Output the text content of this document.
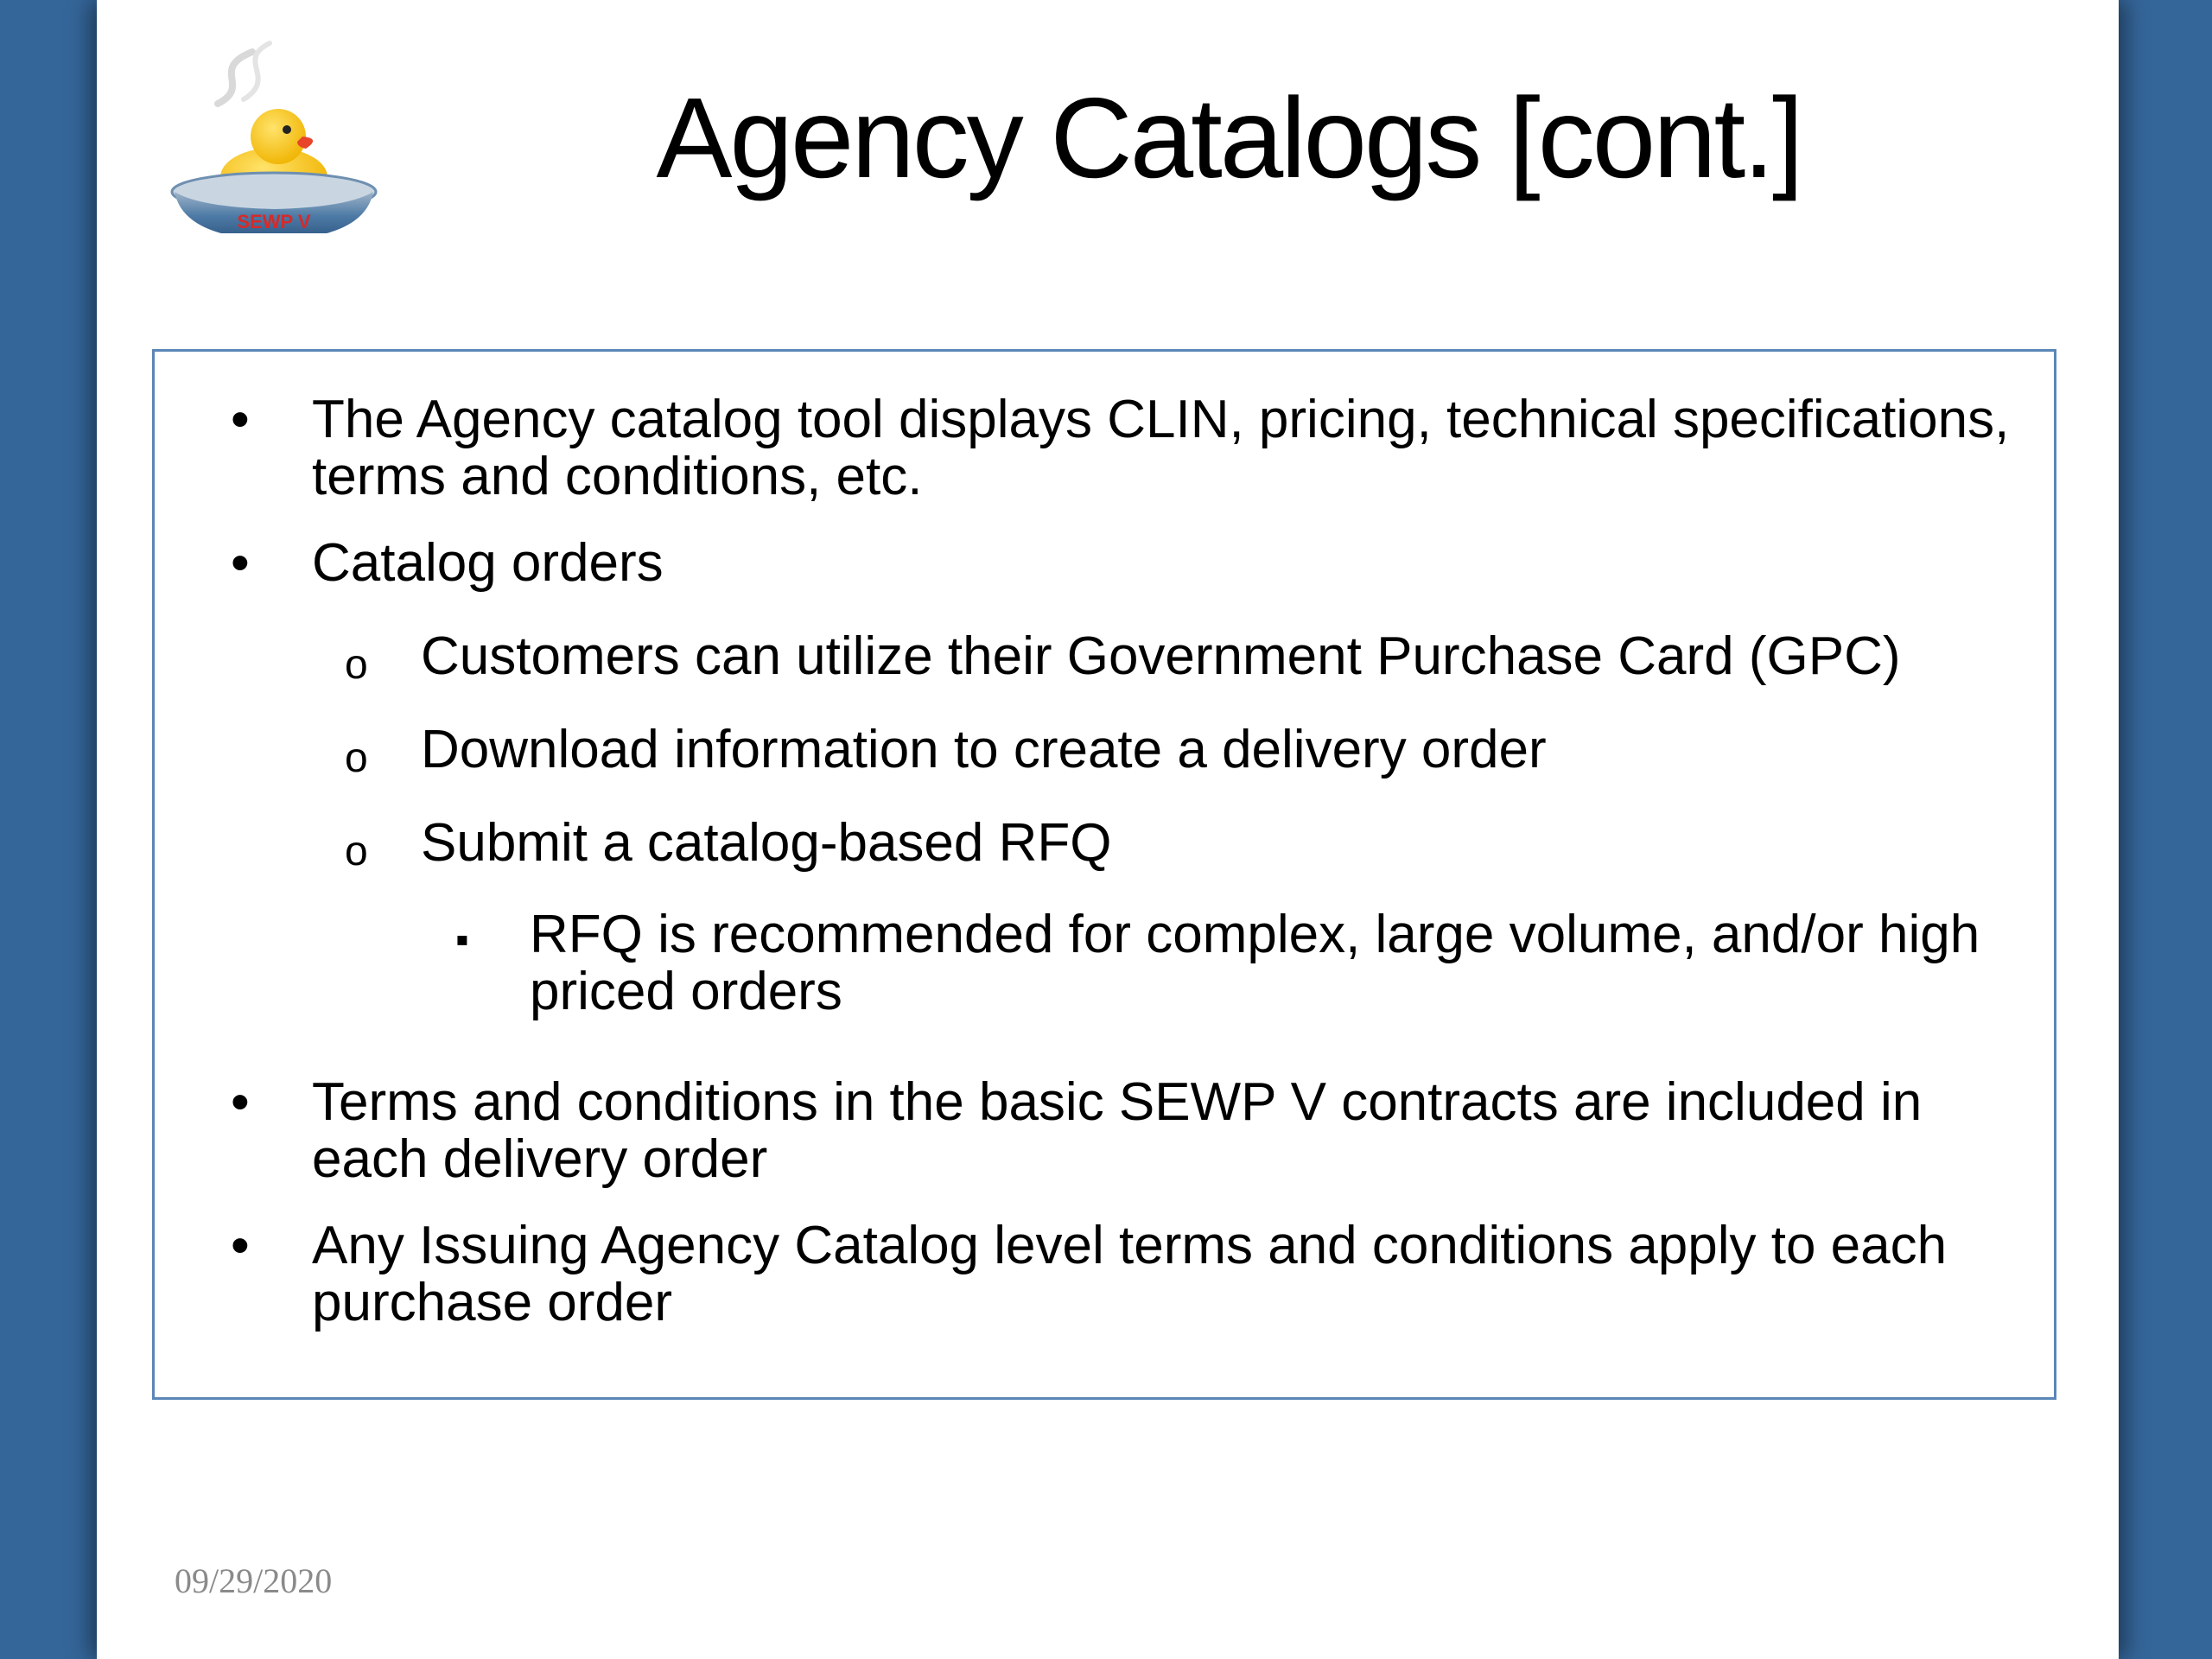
SEWP V
Agency Catalogs [cont.]
• The Agency catalog tool displays CLIN, pricing, technical specifications, terms and conditions, etc.
• Catalog orders
o Customers can utilize their Government Purchase Card (GPC)
o Download information to create a delivery order
o Submit a catalog-based RFQ
▪ RFQ is recommended for complex, large volume, and/or high priced orders
• Terms and conditions in the basic SEWP V contracts are included in each delivery order
• Any Issuing Agency Catalog level terms and conditions apply to each purchase order
09/29/2020
